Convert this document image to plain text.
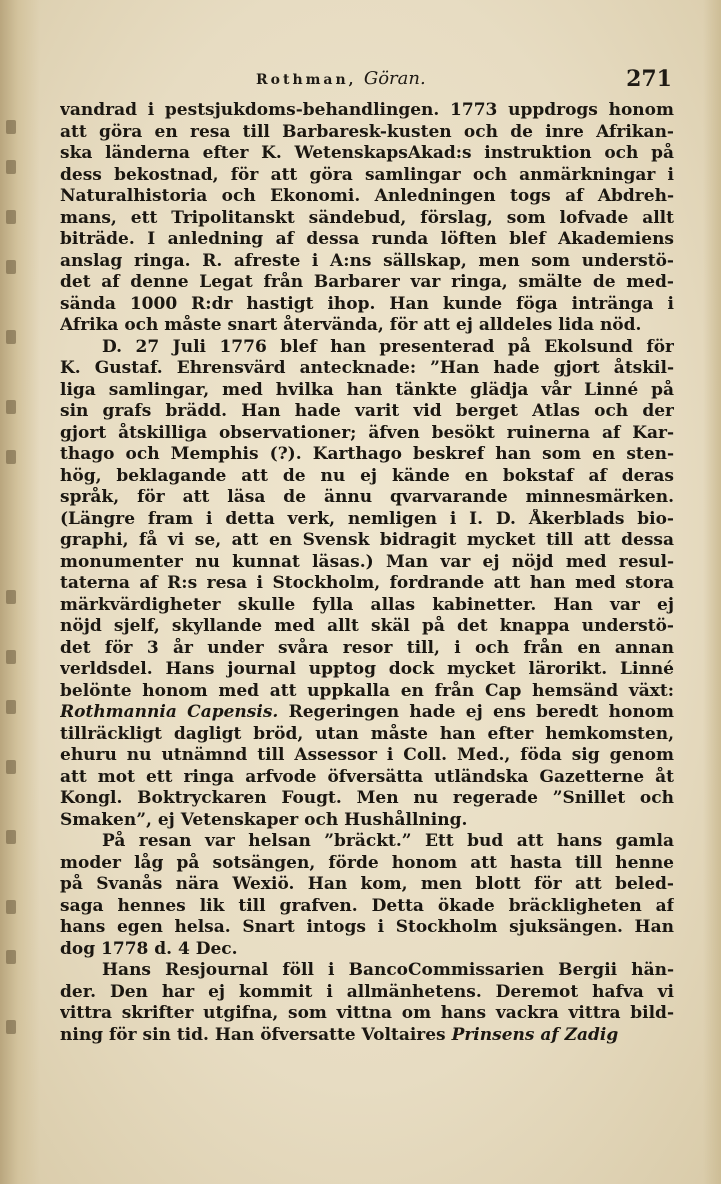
Rothman, Göran.	271
vandrad i pestsjukdoms-behandlingen. 1773 uppdrogs honom
att göra en resa till Barbaresk-kusten och de inre Afrikan-
ska länderna efter K. WetenskapsAkad:s instruktion och på
dess bekostnad, för att göra samlingar och anmärkningar i
Naturalhistoria och Ekonomi. Anledningen togs af Abdreh-
mans, ett Tripolitanskt sändebud, förslag, som lofvade allt
biträde. I anledning af dessa runda löften blef Akademiens
anslag ringa. R. afreste i A:ns sällskap, men som understö-
det af denne Legat från Barbarer var ringa, smälte de med-
sända 1000 R:dr hastigt ihop. Han kunde föga intränga i
Afrika och måste snart återvända, för att ej alldeles lida nöd.
D. 27 Juli 1776 blef han presenterad på Ekolsund för
K. Gustaf. Ehrensvärd antecknade: ”Han hade gjort åtskil-
liga samlingar, med hvilka han tänkte glädja vår Linné på
sin grafs brädd. Han hade varit vid berget Atlas och der
gjort åtskilliga observationer; äfven besökt ruinerna af Kar-
thago och Memphis (?). Karthago beskref han som en sten-
hög, beklagande att de nu ej kände en bokstaf af deras
språk, för att läsa de ännu qvarvarande minnesmärken.
(Längre fram i detta verk, nemligen i I. D. Åkerblads bio-
graphi, få vi se, att en Svensk bidragit mycket till att dessa
monumenter nu kunnat läsas.) Man var ej nöjd med resul-
taterna af R:s resa i Stockholm, fordrande att han med stora
märkvärdigheter skulle fylla allas kabinetter. Han var ej
nöjd sjelf, skyllande med allt skäl på det knappa understö-
det för 3 år under svåra resor till, i och från en annan
verldsdel. Hans journal upptog dock mycket lärorikt. Linné
belönte honom med att uppkalla en från Cap hemsänd växt:
Rothmannia Capensis. Regeringen hade ej ens beredt honom
tillräckligt dagligt bröd, utan måste han efter hemkomsten,
ehuru nu utnämnd till Assessor i Coll. Med., föda sig genom
att mot ett ringa arfvode öfversätta utländska Gazetterne åt
Kongl. Boktryckaren Fougt. Men nu regerade ”Snillet och
Smaken”, ej Vetenskaper och Hushållning.
På resan var helsan ”bräckt.” Ett bud att hans gamla
moder låg på sotsängen, förde honom att hasta till henne
på Svanås nära Wexiö. Han kom, men blott för att beled-
saga hennes lik till grafven. Detta ökade bräckligheten af
hans egen helsa. Snart intogs i Stockholm sjuksängen. Han
dog 1778 d. 4 Dec.
Hans Resjournal föll i BancoCommissarien Bergii hän-
der. Den har ej kommit i allmänhetens. Deremot hafva vi
vittra skrifter utgifna, som vittna om hans vackra vittra bild-
ning för sin tid. Han öfversatte Voltaires Prinsens af Zadig
